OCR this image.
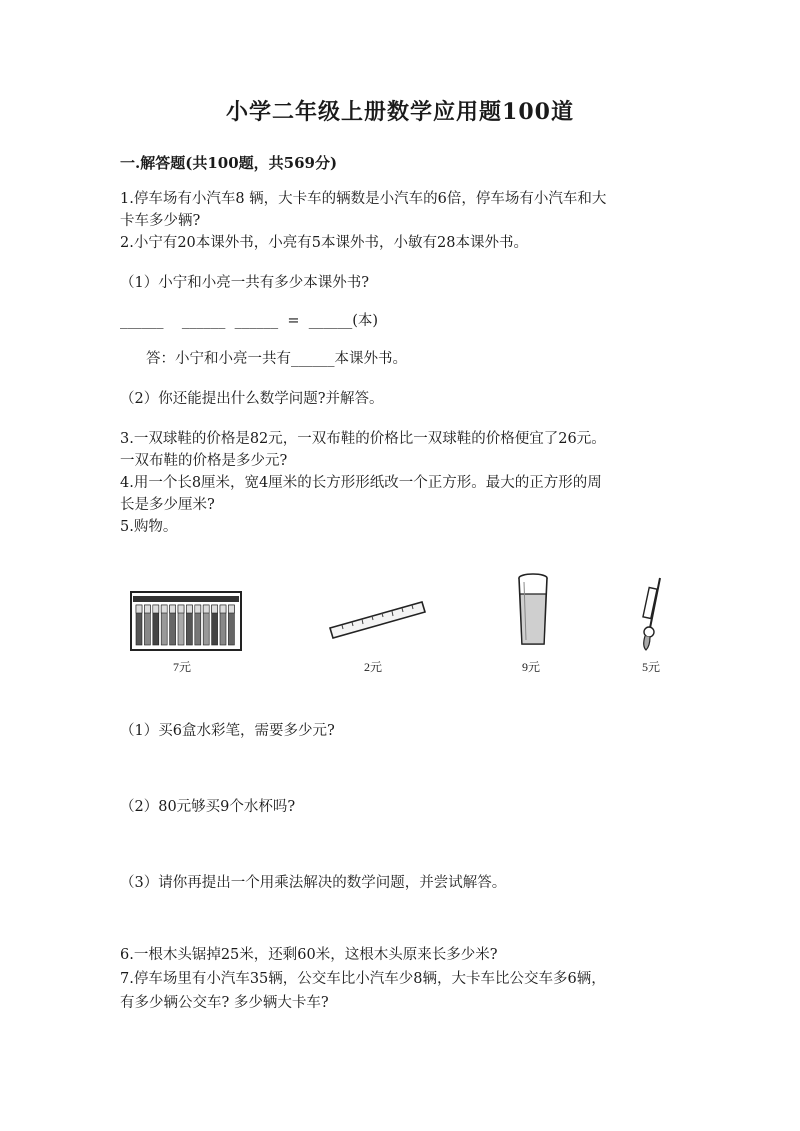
小学二年级上册数学应用题100道

一.解答题(共100题，共569分)

1.停车场有小汽车8 辆，大卡车的辆数是小汽车的6倍，停车场有小汽车和大

卡车多少辆?

2.小宁有20本课外书，小亮有5本课外书，小敏有28本课外书。

（1）小宁和小亮一共有多少本课外书?

______    ______  ______  =  ______(本)

答：小宁和小亮一共有______本课外书。

（2）你还能提出什么数学问题?并解答。

3.一双球鞋的价格是82元，一双布鞋的价格比一双球鞋的价格便宜了26元。

一双布鞋的价格是多少元?

4.用一个长8厘米，宽4厘米的长方形形纸改一个正方形。最大的正方形的周

长是多少厘米?

5.购物。

7元	2元	9元	5元

（1）买6盒水彩笔，需要多少元?

（2）80元够买9个水杯吗?

（3）请你再提出一个用乘法解决的数学问题，并尝试解答。

6.一根木头锯掉25米，还剩60米，这根木头原来长多少米?

7.停车场里有小汽车35辆，公交车比小汽车少8辆，大卡车比公交车多6辆，

有多少辆公交车? 多少辆大卡车?
